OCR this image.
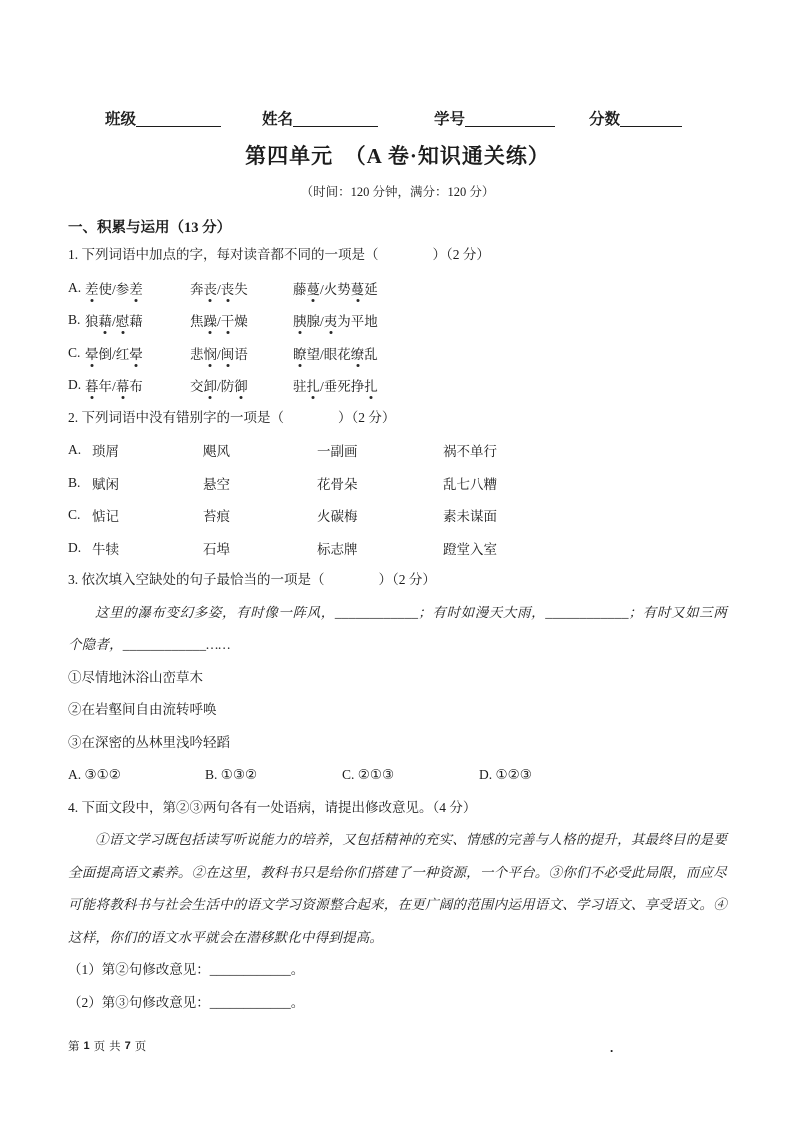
班级	姓名	学号	分数
第四单元　（A 卷·知识通关练）
（时间：120 分钟，满分：120 分）
一、积累与运用（13 分）
1. 下列词语中加点的字，每对读音都不同的一项是（　　　　）（2 分）
A. 差使/参差	奔丧/丧失	藤蔓/火势蔓延
B. 狼藉/慰藉	焦躁/干燥	胰腺/夷为平地
C. 晕倒/红晕	悲悯/闽语	瞭望/眼花缭乱
D. 暮年/幕布	交卸/防御	驻扎/垂死挣扎
2. 下列词语中没有错别字的一项是（　　　　）（2 分）
A. 琐屑	飓风	一副画	祸不单行
B. 赋闲	悬空	花骨朵	乱七八糟
C. 惦记	苔痕	火碳梅	素未谋面
D. 牛犊	石埠	标志牌	蹬堂入室
3. 依次填入空缺处的句子最恰当的一项是（　　　　）（2 分）
这里的瀑布变幻多姿，有时像一阵风，____________；有时如漫天大雨，____________；有时又如三两个隐者，____________……
①尽情地沐浴山峦草木
②在岩壑间自由流转呼唤
③在深密的丛林里浅吟轻蹈
A. ③①②	B. ①③②	C. ②①③	D. ①②③
4. 下面文段中，第②③两句各有一处语病，请提出修改意见。（4 分）
①语文学习既包括读写听说能力的培养，又包括精神的充实、情感的完善与人格的提升，其最终目的是要全面提高语文素养。②在这里，教科书只是给你们搭建了一种资源，一个平台。③你们不必受此局限，而应尽可能将教科书与社会生活中的语文学习资源整合起来，在更广阔的范围内运用语文、学习语文、享受语文。④这样，你们的语文水平就会在潜移默化中得到提高。
（1）第②句修改意见：____________。
（2）第③句修改意见：____________。
第 1 页 共 7 页	.
